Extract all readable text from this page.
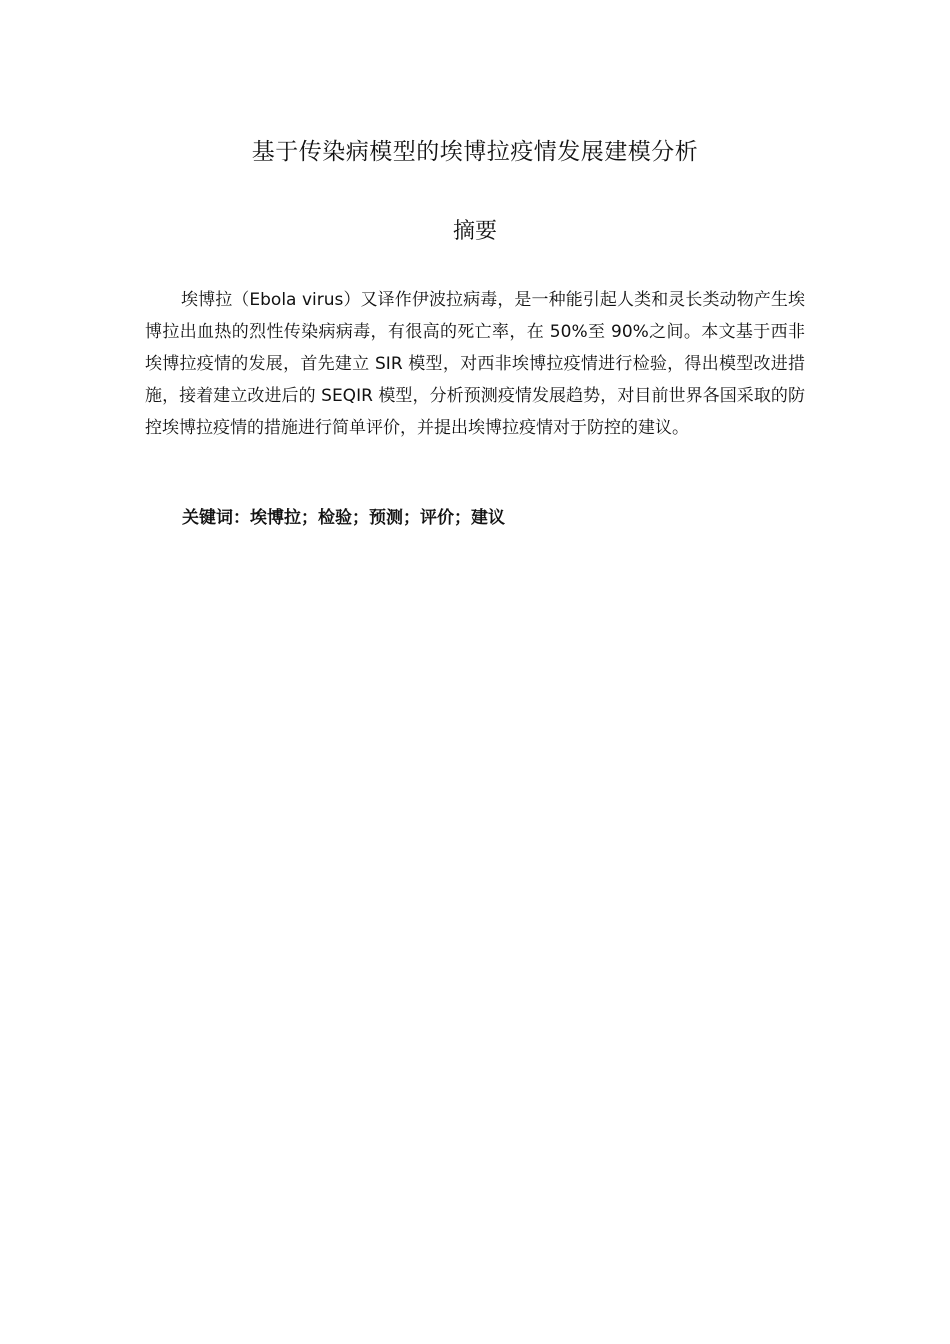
基于传染病模型的埃博拉疫情发展建模分析
摘要

埃博拉（Ebola virus）又译作伊波拉病毒，是一种能引起人类和灵长类动物产生埃博拉出血热的烈性传染病病毒，有很高的死亡率，在 50%至 90%之间。本文基于西非埃博拉疫情的发展，首先建立 SIR 模型，对西非埃博拉疫情进行检验，得出模型改进措施，接着建立改进后的 SEQIR 模型，分析预测疫情发展趋势，对目前世界各国采取的防控埃博拉疫情的措施进行简单评价，并提出埃博拉疫情对于防控的建议。

关键词：埃博拉；检验；预测；评价；建议
